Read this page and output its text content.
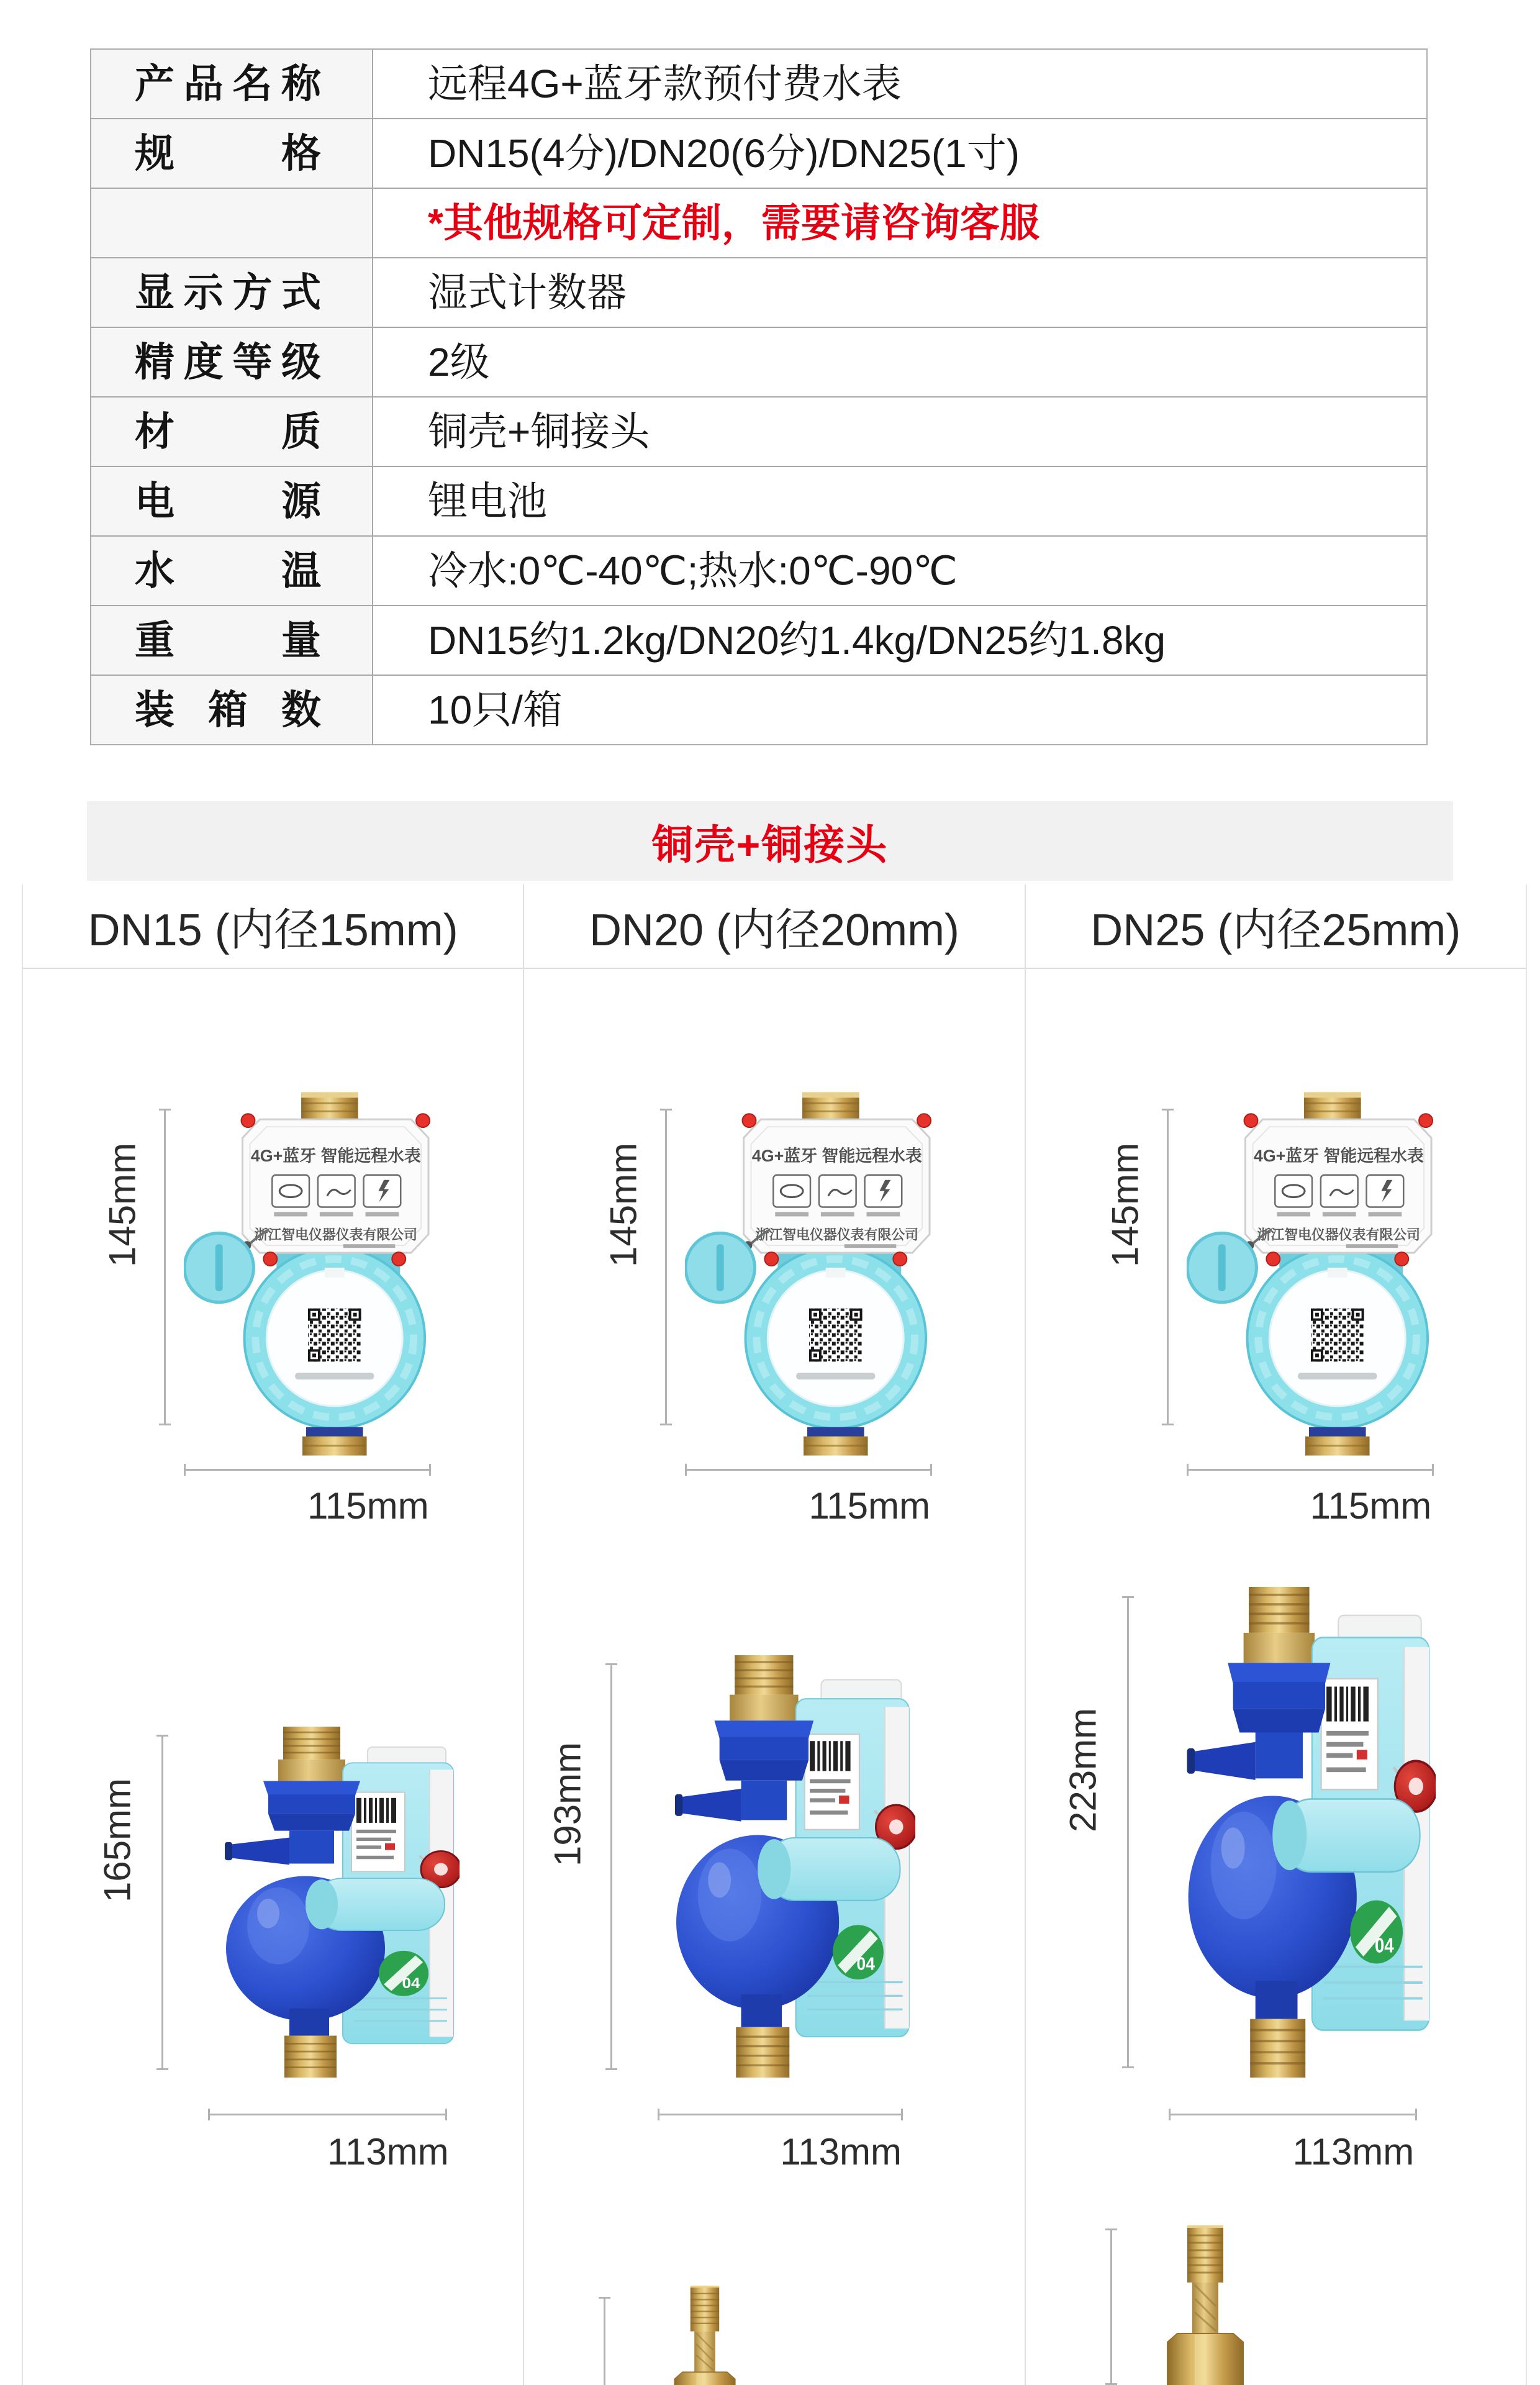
产品名称	远程4G+蓝牙款预付费水表
规格	DN15(4分)/DN20(6分)/DN25(1寸)
*其他规格可定制，需要请咨询客服
显示方式	湿式计数器
精度等级	2级
材质	铜壳+铜接头
电源	锂电池
水温	冷水:0℃-40℃;热水:0℃-90℃
重量	DN15约1.2kg/DN20约1.4kg/DN25约1.8kg
装箱数	10只/箱
铜壳+铜接头
DN15 (内径15mm)
145mm
115mm
165mm
113mm
DN20 (内径20mm)
145mm
115mm
193mm
113mm
DN25 (内径25mm)
145mm
115mm
223mm
113mm
